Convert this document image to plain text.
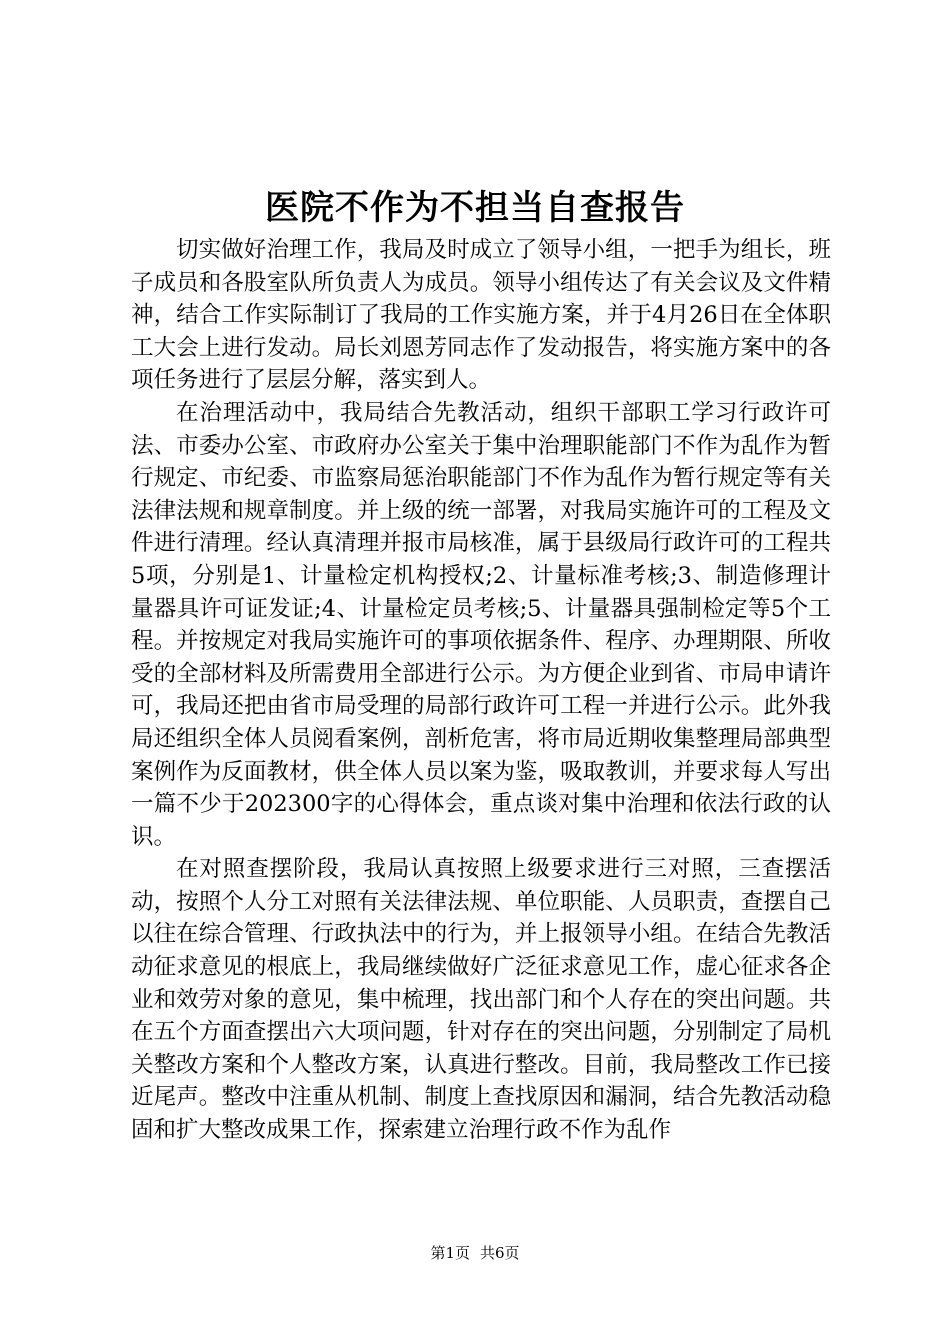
医院不作为不担当自查报告

切实做好治理工作，我局及时成立了领导小组，一把手为组长，班子成员和各股室队所负责人为成员。领导小组传达了有关会议及文件精神，结合工作实际制订了我局的工作实施方案，并于4月26日在全体职工大会上进行发动。局长刘恩芳同志作了发动报告，将实施方案中的各项任务进行了层层分解，落实到人。

在治理活动中，我局结合先教活动，组织干部职工学习行政许可法、市委办公室、市政府办公室关于集中治理职能部门不作为乱作为暂行规定、市纪委、市监察局惩治职能部门不作为乱作为暂行规定等有关法律法规和规章制度。并上级的统一部署，对我局实施许可的工程及文件进行清理。经认真清理并报市局核准，属于县级局行政许可的工程共5项，分别是1、计量检定机构授权;2、计量标准考核;3、制造修理计量器具许可证发证;4、计量检定员考核;5、计量器具强制检定等5个工程。并按规定对我局实施许可的事项依据条件、程序、办理期限、所收受的全部材料及所需费用全部进行公示。为方便企业到省、市局申请许可，我局还把由省市局受理的局部行政许可工程一并进行公示。此外我局还组织全体人员阅看案例，剖析危害，将市局近期收集整理局部典型案例作为反面教材，供全体人员以案为鉴，吸取教训，并要求每人写出一篇不少于202300字的心得体会，重点谈对集中治理和依法行政的认识。

在对照查摆阶段，我局认真按照上级要求进行三对照，三查摆活动，按照个人分工对照有关法律法规、单位职能、人员职责，查摆自己以往在综合管理、行政执法中的行为，并上报领导小组。在结合先教活动征求意见的根底上，我局继续做好广泛征求意见工作，虚心征求各企业和效劳对象的意见，集中梳理，找出部门和个人存在的突出问题。共在五个方面查摆出六大项问题，针对存在的突出问题，分别制定了局机关整改方案和个人整改方案，认真进行整改。目前，我局整改工作已接近尾声。整改中注重从机制、制度上查找原因和漏洞，结合先教活动稳固和扩大整改成果工作，探索建立治理行政不作为乱作

第1页 共6页
